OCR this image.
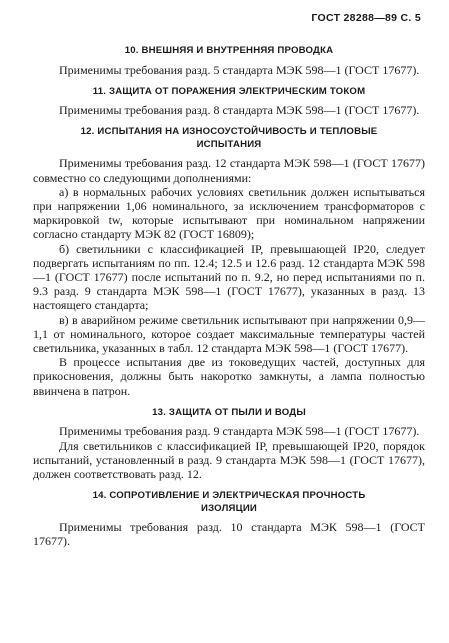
ГОСТ 28288—89 С. 5
10. ВНЕШНЯЯ И ВНУТРЕННЯЯ ПРОВОДКА

Применимы требования разд. 5 стандарта МЭК 598—1 (ГОСТ 17677).

11. ЗАЩИТА ОТ ПОРАЖЕНИЯ ЭЛЕКТРИЧЕСКИМ ТОКОМ

Применимы требования разд. 8 стандарта МЭК 598—1 (ГОСТ 17677).

12. ИСПЫТАНИЯ НА ИЗНОСОУСТОЙЧИВОСТЬ И ТЕПЛОВЫЕ
ИСПЫТАНИЯ

Применимы требования разд. 12 стандарта МЭК 598—1 (ГОСТ 17677) совместно со следующими дополнениями:

а) в нормальных рабочих условиях светильник должен испытываться при напряжении 1,06 номинального, за исключением трансформаторов с маркировкой tw, которые испытывают при номинальном напряжении согласно стандарту МЭК 82 (ГОСТ 16809);

б) светильники с классификацией IP, превышающей IP20, следует подвергать испытаниям по пп. 12.4; 12.5 и 12.6 разд. 12 стандарта МЭК 598—1 (ГОСТ 17677) после испытаний по п. 9.2, но перед испытаниями по п. 9.3 разд. 9 стандарта МЭК 598—1 (ГОСТ 17677), указанных в разд. 13 настоящего стандарта;

в) в аварийном режиме светильник испытывают при напряжении 0,9—1,1 от номинального, которое создает максимальные температуры частей светильника, указанных в табл. 12 стандарта МЭК 598—1 (ГОСТ 17677).

В процессе испытания две из токоведущих частей, доступных для прикосновения, должны быть накоротко замкнуты, а лампа полностью ввинчена в патрон.

13. ЗАЩИТА ОТ ПЫЛИ И ВОДЫ

Применимы требования разд. 9 стандарта МЭК 598—1 (ГОСТ 17677).

Для светильников с классификацией IP, превышающей IP20, порядок испытаний, установленный в разд. 9 стандарта МЭК 598—1 (ГОСТ 17677), должен соответствовать разд. 12.

14. СОПРОТИВЛЕНИЕ И ЭЛЕКТРИЧЕСКАЯ ПРОЧНОСТЬ
ИЗОЛЯЦИИ

Применимы требования разд. 10 стандарта МЭК 598—1 (ГОСТ 17677).
